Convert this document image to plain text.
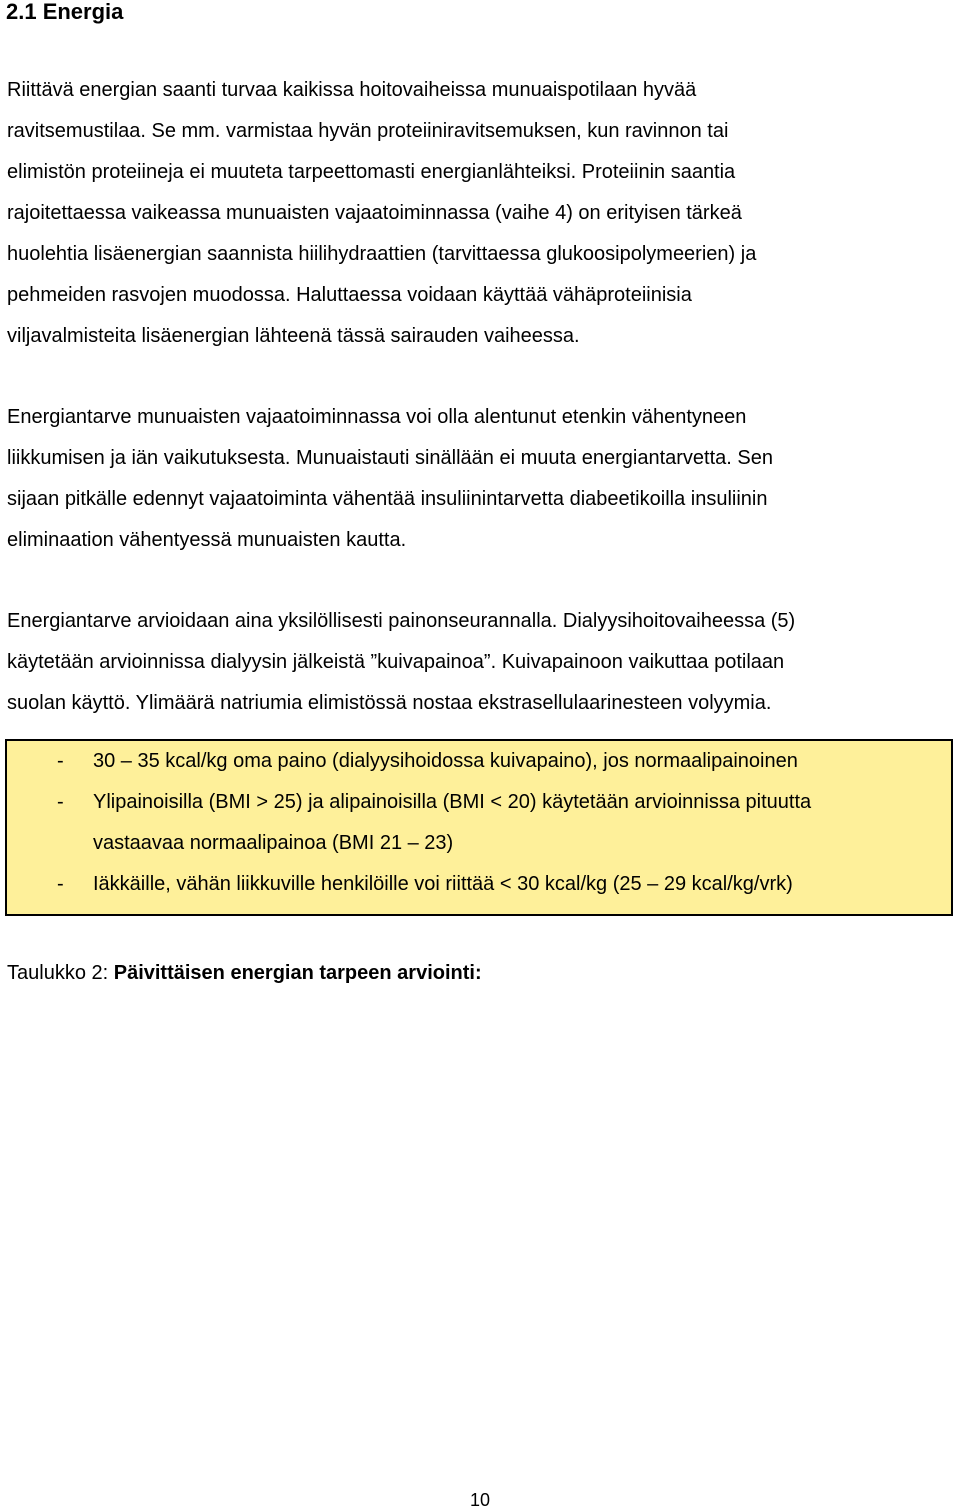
2.1 Energia

Riittävä energian saanti turvaa kaikissa hoitovaiheissa munuaispotilaan hyvää
ravitsemustilaa. Se mm. varmistaa hyvän proteiiniravitsemuksen, kun ravinnon tai
elimistön proteiineja ei muuteta tarpeettomasti energianlähteiksi. Proteiinin saantia
rajoitettaessa vaikeassa munuaisten vajaatoiminnassa (vaihe 4) on erityisen tärkeä
huolehtia lisäenergian saannista hiilihydraattien (tarvittaessa glukoosipolymeerien) ja
pehmeiden rasvojen muodossa. Haluttaessa voidaan käyttää vähäproteiinisia
viljavalmisteita lisäenergian lähteenä tässä sairauden vaiheessa.

Energiantarve munuaisten vajaatoiminnassa voi olla alentunut etenkin vähentyneen
liikkumisen ja iän vaikutuksesta. Munuaistauti sinällään ei muuta energiantarvetta. Sen
sijaan pitkälle edennyt vajaatoiminta vähentää insuliinintarvetta diabeetikoilla insuliinin
eliminaation vähentyessä munuaisten kautta.

Energiantarve arvioidaan aina yksilöllisesti painonseurannalla. Dialyysihoitovaiheessa (5)
käytetään arvioinnissa dialyysin jälkeistä ”kuivapainoa”. Kuivapainoon vaikuttaa potilaan
suolan käyttö. Ylimäärä natriumia elimistössä nostaa ekstrasellulaarinesteen volyymia.

- 30 – 35 kcal/kg oma paino (dialyysihoidossa kuivapaino), jos normaalipainoinen
- Ylipainoisilla (BMI > 25) ja alipainoisilla (BMI < 20) käytetään arvioinnissa pituutta
vastaavaa normaalipainoa (BMI 21 – 23)
- Iäkkäille, vähän liikkuville henkilöille voi riittää < 30 kcal/kg (25 – 29 kcal/kg/vrk)

Taulukko 2: Päivittäisen energian tarpeen arviointi:

10
